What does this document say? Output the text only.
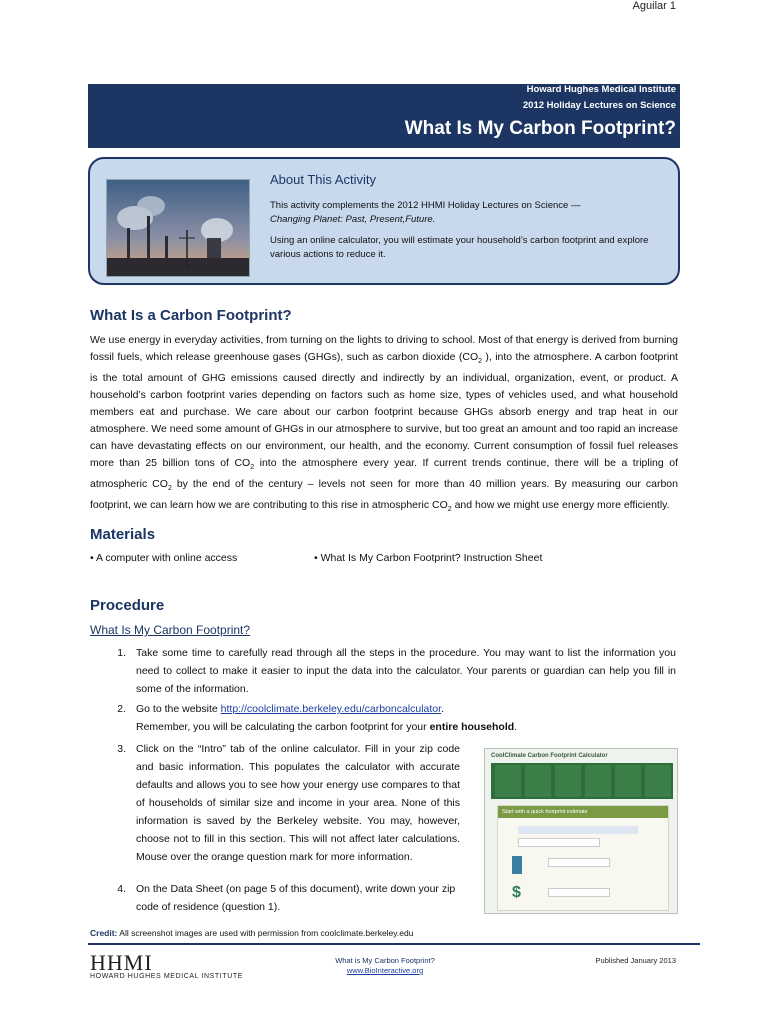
Aguilar 1
Howard Hughes Medical Institute
2012 Holiday Lectures on Science
What Is My Carbon Footprint?
About This Activity

This activity complements the 2012 HHMI Holiday Lectures on Science —
Changing Planet: Past, Present,Future.

Using an online calculator, you will estimate your household’s carbon footprint and explore various actions to reduce it.

What Is a Carbon Footprint?
We use energy in everyday activities, from turning on the lights to driving to school. Most of that energy is derived from burning fossil fuels, which release greenhouse gases (GHGs), such as carbon dioxide ($CO_2$ ), into the atmosphere. A carbon footprint is the total amount of GHG emissions caused directly and indirectly by an individual, organization, event, or product. A household’s carbon footprint varies depending on factors such as home size, types of vehicles used, and what household members eat and purchase. We care about our carbon footprint because GHGs absorb energy and trap heat in our atmosphere. We need some amount of GHGs in our atmosphere to survive, but too great an amount and too rapid an increase can have devastating effects on our environment, our health, and the economy. Current consumption of fossil fuel releases more than 25 billion tons of $CO_2$ into the atmosphere every year. If current trends continue, there will be a tripling of atmospheric $CO_2$ by the end of the century – levels not seen for more than 40 million years. By measuring our carbon footprint, we can learn how we are contributing to this rise in atmospheric $CO_2$ and how we might use energy more efficiently.
Materials
• A computer with online access	• What Is My Carbon Footprint? Instruction Sheet
Procedure
What Is My Carbon Footprint?
1. Take some time to carefully read through all the steps in the procedure. You may want to list the information you need to collect to make it easier to input the data into the calculator. Your parents or guardian can help you fill in some of the information.
2. Go to the website http://coolclimate.berkeley.edu/carboncalculator.
Remember, you will be calculating the carbon footprint for your entire household.
3. Click on the “Intro” tab of the online calculator. Fill in your zip code and basic information. This populates the calculator with accurate defaults and allows you to see how your energy use compares to that of households of similar size and income in your area. None of this information is saved by the Berkeley website. You may, however, choose not to fill in this section. This will not affect later calculations. Mouse over the orange question mark for more information.
4. On the Data Sheet (on page 5 of this document), write down your zip code of residence (question 1).
CoolClimate Carbon Footprint Calculator
Start with a quick footprint estimate
$
Credit: All screenshot images are used with permission from coolclimate.berkeley.edu
HHMI
HOWARD HUGHES MEDICAL INSTITUTE
What is My Carbon Footprint?
www.BioInteractive.org
Published January 2013
